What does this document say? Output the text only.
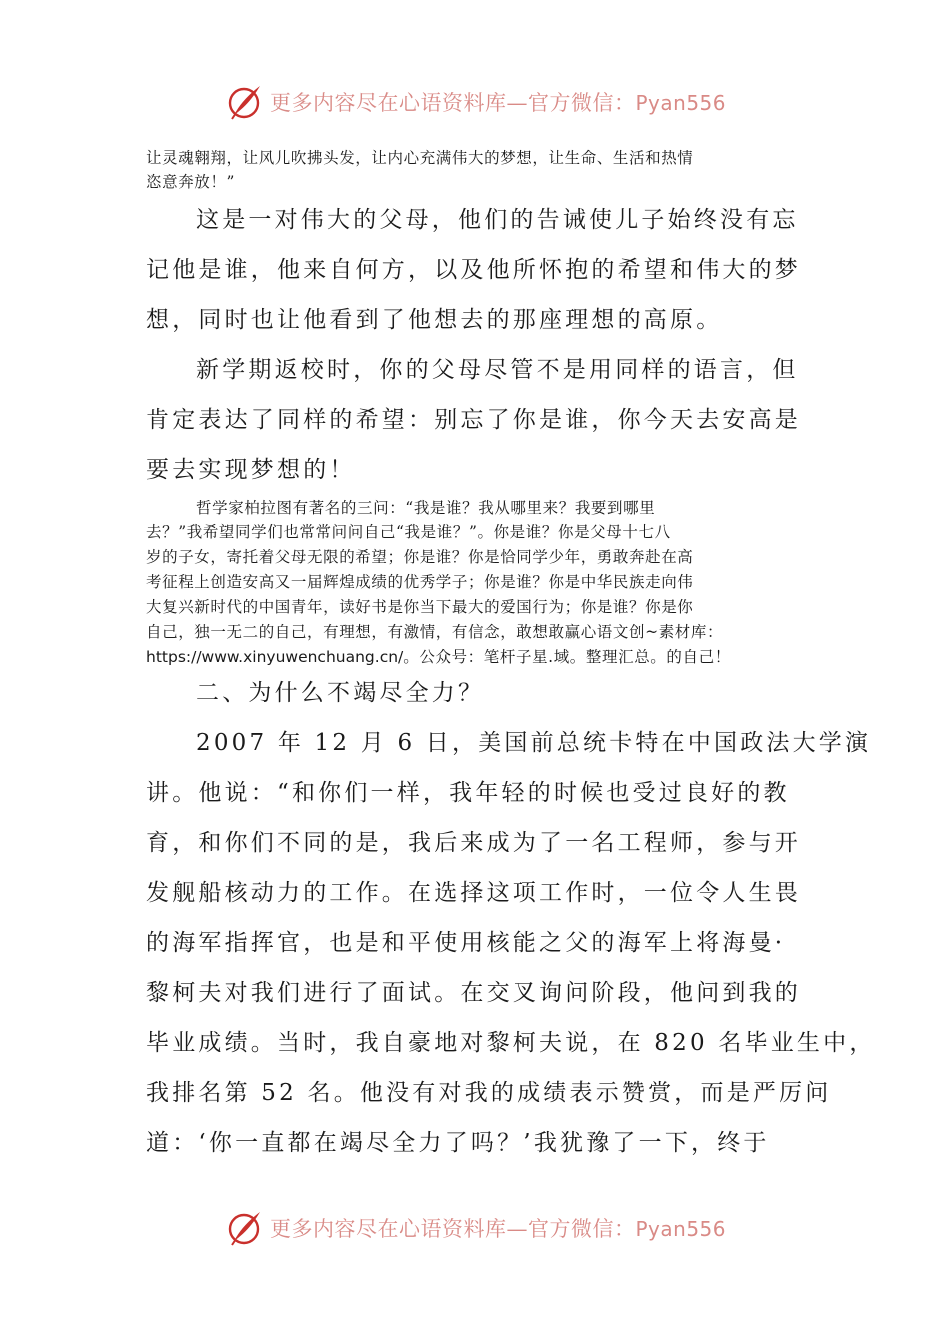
更多内容尽在心语资料库—官方微信：Pyan556
让灵魂翱翔，让风儿吹拂头发，让内心充满伟大的梦想，让生命、生活和热情
恣意奔放！”
这是一对伟大的父母，他们的告诫使儿子始终没有忘
记他是谁，他来自何方，以及他所怀抱的希望和伟大的梦
想，同时也让他看到了他想去的那座理想的高原。
新学期返校时，你的父母尽管不是用同样的语言，但
肯定表达了同样的希望：别忘了你是谁，你今天去安高是
要去实现梦想的！
哲学家柏拉图有著名的三问：“我是谁？我从哪里来？我要到哪里
去？”我希望同学们也常常问问自己“我是谁？”。你是谁？你是父母十七八
岁的子女，寄托着父母无限的希望；你是谁？你是恰同学少年，勇敢奔赴在高
考征程上创造安高又一届辉煌成绩的优秀学子；你是谁？你是中华民族走向伟
大复兴新时代的中国青年，读好书是你当下最大的爱国行为；你是谁？你是你
自己，独一无二的自己，有理想，有激情，有信念，敢想敢赢心语文创~素材库：
https://www.xinyuwenchuang.cn/。公众号：笔杆子星.域。整理汇总。的自己！
二、为什么不竭尽全力？
2007 年 12 月 6 日，美国前总统卡特在中国政法大学演
讲。他说：“和你们一样，我年轻的时候也受过良好的教
育，和你们不同的是，我后来成为了一名工程师，参与开
发舰船核动力的工作。在选择这项工作时，一位令人生畏
的海军指挥官，也是和平使用核能之父的海军上将海曼·
黎柯夫对我们进行了面试。在交叉询问阶段，他问到我的
毕业成绩。当时，我自豪地对黎柯夫说，在 820 名毕业生中，
我排名第 52 名。他没有对我的成绩表示赞赏，而是严厉问
道：‘你一直都在竭尽全力了吗？’我犹豫了一下，终于
更多内容尽在心语资料库—官方微信：Pyan556
